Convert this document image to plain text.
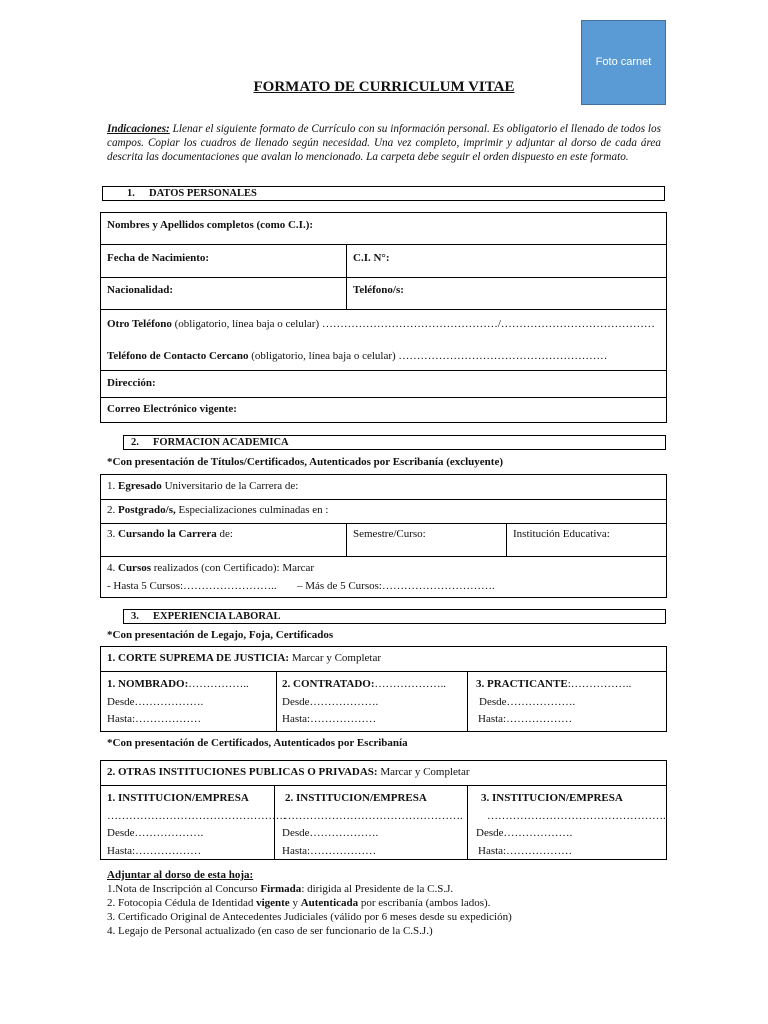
Foto carnet
FORMATO DE CURRICULUM VITAE
Indicaciones: Llenar el siguiente formato de Currículo con su información personal. Es obligatorio el llenado de todos los campos. Copiar los cuadros de llenado según necesidad. Una vez completo, imprimir y adjuntar al dorso de cada área descrita las documentaciones que avalan lo mencionado. La carpeta debe seguir el orden dispuesto en este formato.
1. DATOS PERSONALES
Nombres y Apellidos completos (como C.I.):
Fecha de Nacimiento:	C.I. N°:
Nacionalidad:	Teléfono/s:
Otro Teléfono (obligatorio, línea baja o celular) …………………………………………/……………………………………
Teléfono de Contacto Cercano (obligatorio, línea baja o celular) …………………………………………………
Dirección:
Correo Electrónico vigente:
2. FORMACION ACADEMICA
*Con presentación de Títulos/Certificados, Autenticados por Escribanía (excluyente)
1. Egresado Universitario de la Carrera de:
2. Postgrado/s, Especializaciones culminadas en :
3. Cursando la Carrera de:	Semestre/Curso:	Institución Educativa:
4. Cursos realizados (con Certificado): Marcar
- Hasta 5 Cursos:…………………….. – Más de 5 Cursos:………………………….
3. EXPERIENCIA LABORAL
*Con presentación de Legajo, Foja, Certificados
1. CORTE SUPREMA DE JUSTICIA: Marcar y Completar
1. NOMBRADO:……………..
Desde……………….
Hasta:………………
2. CONTRATADO:………………..
Desde……………….
Hasta:………………
3. PRACTICANTE:……………..
Desde……………….
Hasta:………………
*Con presentación de Certificados, Autenticados por Escribanía
2. OTRAS INSTITUCIONES PUBLICAS O PRIVADAS: Marcar y Completar
1. INSTITUCION/EMPRESA
………………………………………….
Desde……………….
Hasta:………………
2. INSTITUCION/EMPRESA
………………………………………….
Desde……………….
Hasta:………………
3. INSTITUCION/EMPRESA
………………………………………….
Desde……………….
Hasta:………………
Adjuntar al dorso de esta hoja:
1.Nota de Inscripción al Concurso Firmada: dirigida al Presidente de la C.S.J.
2. Fotocopia Cédula de Identidad vigente y Autenticada por escribanía (ambos lados).
3. Certificado Original de Antecedentes Judiciales (válido por 6 meses desde su expedición)
4. Legajo de Personal actualizado (en caso de ser funcionario de la C.S.J.)
